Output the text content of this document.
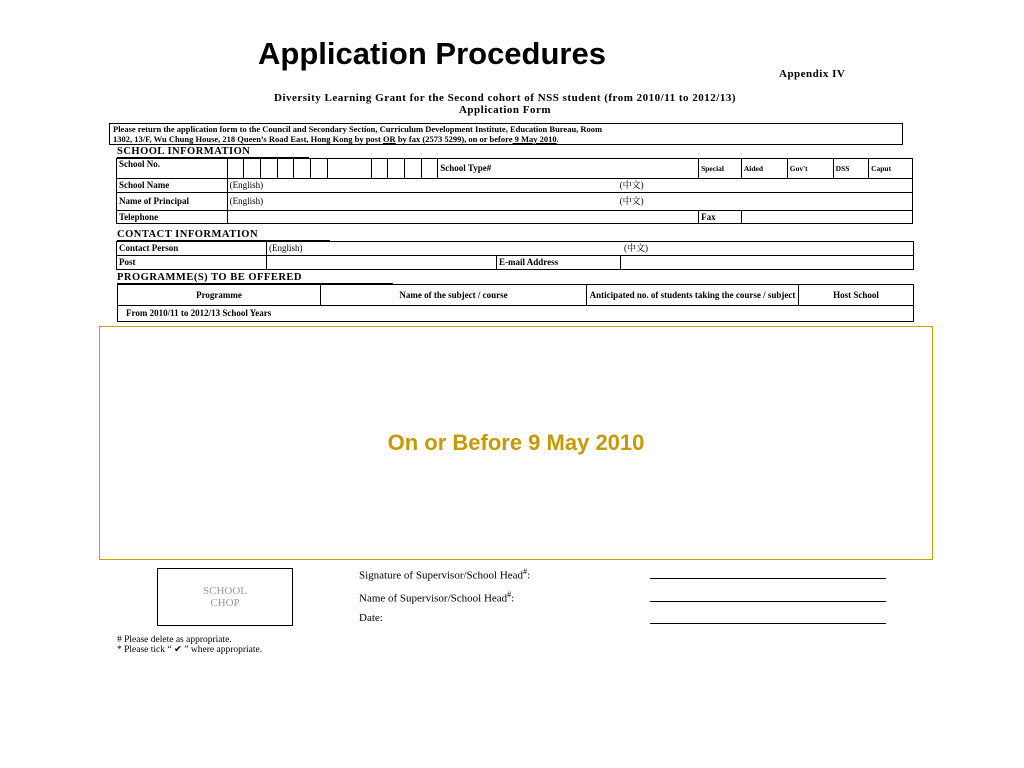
Application Procedures
Appendix IV
Diversity Learning Grant for the Second cohort of NSS student (from 2010/11 to 2012/13)
Application Form
Please return the application form to the Council and Secondary Section, Curriculum Development Institute, Education Bureau, Room
1302, 13/F, Wu Chung House, 218 Queen’s Road East, Hong Kong by post OR by fax (2573 5299), on or before 9 May 2010.
SCHOOL INFORMATION
School No.												School Type#	Special	Aided	Gov't	DSS	Caput
School Name	(English) (中文)																
Name of Principal	(English) (中文)																
Telephone													Fax				
CONTACT INFORMATION
Contact Person	(English) (中文)		
Post		E-mail Address	
PROGRAMME(S) TO BE OFFERED
Programme	Name of the subject / course	Anticipated no. of students taking the course / subject	Host School
From 2010/11 to 2012/13 School Years
On or Before 9 May 2010
SCHOOL CHOP
Signature of Supervisor/School Head#:
Name of Supervisor/School Head#:
Date:
# Please delete as appropriate.
* Please tick “ ✔ ” where appropriate.
